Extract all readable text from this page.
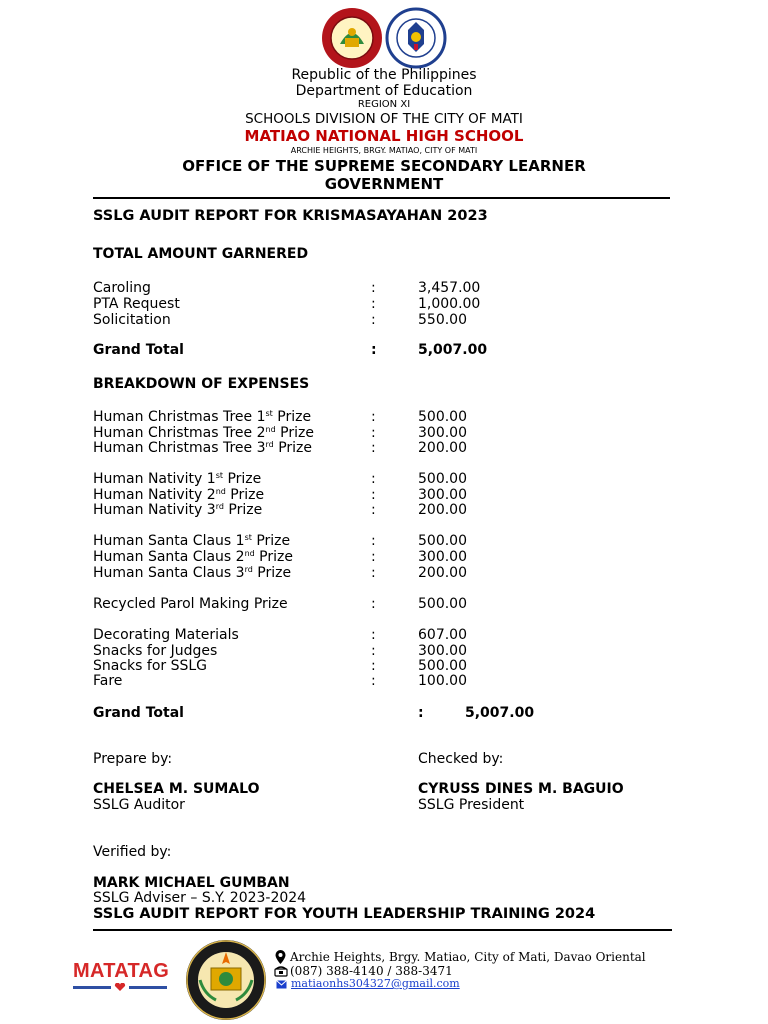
Republic of the Philippines
Department of Education
REGION XI
SCHOOLS DIVISION OF THE CITY OF MATI
MATIAO NATIONAL HIGH SCHOOL
ARCHIE HEIGHTS, BRGY. MATIAO, CITY OF MATI
OFFICE OF THE SUPREME SECONDARY LEARNER
GOVERNMENT
SSLG AUDIT REPORT FOR KRISMASAYAHAN 2023
TOTAL AMOUNT GARNERED
Caroling	:	3,457.00
PTA Request	:	1,000.00
Solicitation	:	550.00
Grand Total	:	5,007.00
BREAKDOWN OF EXPENSES
Human Christmas Tree 1st Prize	:	500.00
Human Christmas Tree 2nd Prize	:	300.00
Human Christmas Tree 3rd Prize	:	200.00
Human Nativity 1st Prize	:	500.00
Human Nativity 2nd Prize	:	300.00
Human Nativity 3rd Prize	:	200.00
Human Santa Claus 1st Prize	:	500.00
Human Santa Claus 2nd Prize	:	300.00
Human Santa Claus 3rd Prize	:	200.00
Recycled Parol Making Prize	:	500.00
Decorating Materials	:	607.00
Snacks for Judges	:	300.00
Snacks for SSLG	:	500.00
Fare	:	100.00
Grand Total	:	5,007.00
Prepare by:	Checked by:
CHELSEA M. SUMALO	CYRUSS DINES M. BAGUIO
SSLG Auditor	SSLG President
Verified by:
MARK MICHAEL GUMBAN
SSLG Adviser – S.Y. 2023-2024
SSLG AUDIT REPORT FOR YOUTH LEADERSHIP TRAINING 2024
MATATAG
Archie Heights, Brgy. Matiao, City of Mati, Davao Oriental
(087) 388-4140 / 388-3471
matiaonhs304327@gmail.com
